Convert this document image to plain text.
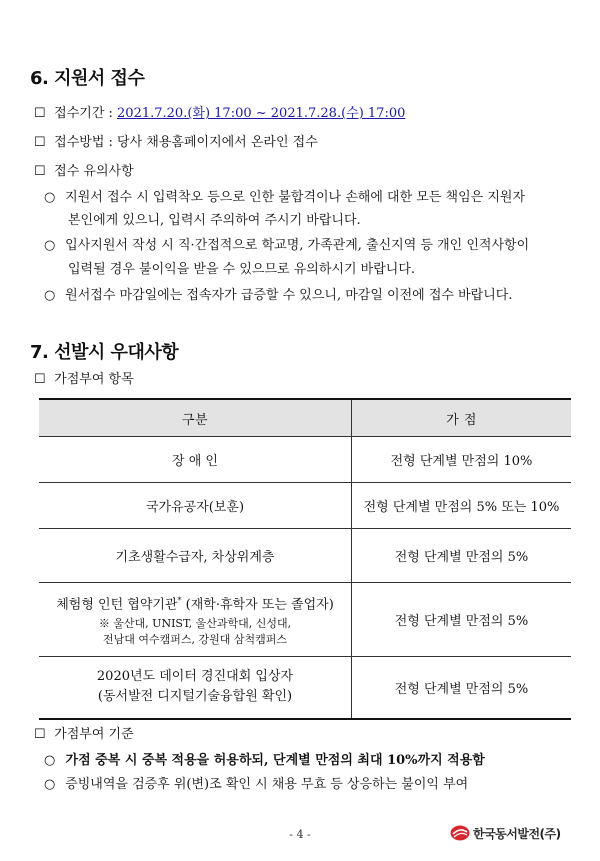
6. 지원서 접수
☐ 접수기간 : 2021.7.20.(화) 17:00 ~ 2021.7.28.(수) 17:00
☐ 접수방법 : 당사 채용홈페이지에서 온라인 접수
☐ 접수 유의사항
○ 지원서 접수 시 입력착오 등으로 인한 불합격이나 손해에 대한 모든 책임은 지원자
본인에게 있으니, 입력시 주의하여 주시기 바랍니다.
○ 입사지원서 작성 시 직·간접적으로 학교명, 가족관계, 출신지역 등 개인 인적사항이
입력될 경우 불이익을 받을 수 있으므로 유의하시기 바랍니다.
○ 원서접수 마감일에는 접속자가 급증할 수 있으니, 마감일 이전에 접수 바랍니다.
7. 선발시 우대사항
☐ 가점부여 항목
구분	가 점
장 애 인	전형 단계별 만점의 10%
국가유공자(보훈)	전형 단계별 만점의 5% 또는 10%
기초생활수급자, 차상위계층	전형 단계별 만점의 5%

체험형 인턴 협약기관* (재학·휴학자 또는 졸업자)
※ 울산대, UNIST, 울산과학대, 신성대,
전남대 여수캠퍼스, 강원대 삼척캠퍼스	전형 단계별 만점의 5%

2020년도 데이터 경진대회 입상자
(동서발전 디지털기술융합원 확인)	전형 단계별 만점의 5%
☐ 가점부여 기준
○ 가점 중복 시 중복 적용을 허용하되, 단계별 만점의 최대 10%까지 적용함
○ 증빙내역을 검증후 위(변)조 확인 시 채용 무효 등 상응하는 불이익 부여
- 4 -	한국동서발전(주)
